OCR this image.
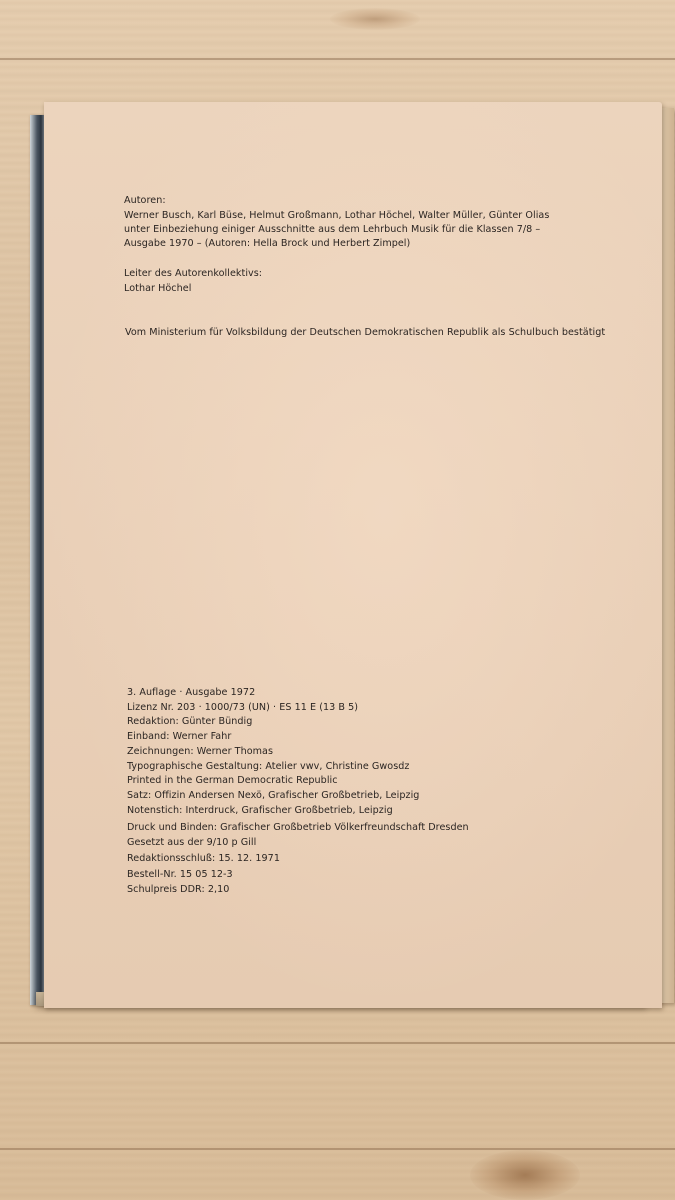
Autoren:
Werner Busch, Karl Büse, Helmut Großmann, Lothar Höchel, Walter Müller, Günter Olias
unter Einbeziehung einiger Ausschnitte aus dem Lehrbuch Musik für die Klassen 7/8 –
Ausgabe 1970 – (Autoren: Hella Brock und Herbert Zimpel)
Leiter des Autorenkollektivs:
Lothar Höchel
Vom Ministerium für Volksbildung der Deutschen Demokratischen Republik als Schulbuch bestätigt
3. Auflage · Ausgabe 1972
Lizenz Nr. 203 · 1000/73 (UN) · ES 11 E (13 B 5)
Redaktion: Günter Bündig
Einband: Werner Fahr
Zeichnungen: Werner Thomas
Typographische Gestaltung: Atelier vwv, Christine Gwosdz
Printed in the German Democratic Republic
Satz: Offizin Andersen Nexö, Grafischer Großbetrieb, Leipzig
Notenstich: Interdruck, Grafischer Großbetrieb, Leipzig
Druck und Binden: Grafischer Großbetrieb Völkerfreundschaft Dresden
Gesetzt aus der 9/10 p Gill
Redaktionsschluß: 15. 12. 1971
Bestell-Nr. 15 05 12-3
Schulpreis DDR: 2,10
